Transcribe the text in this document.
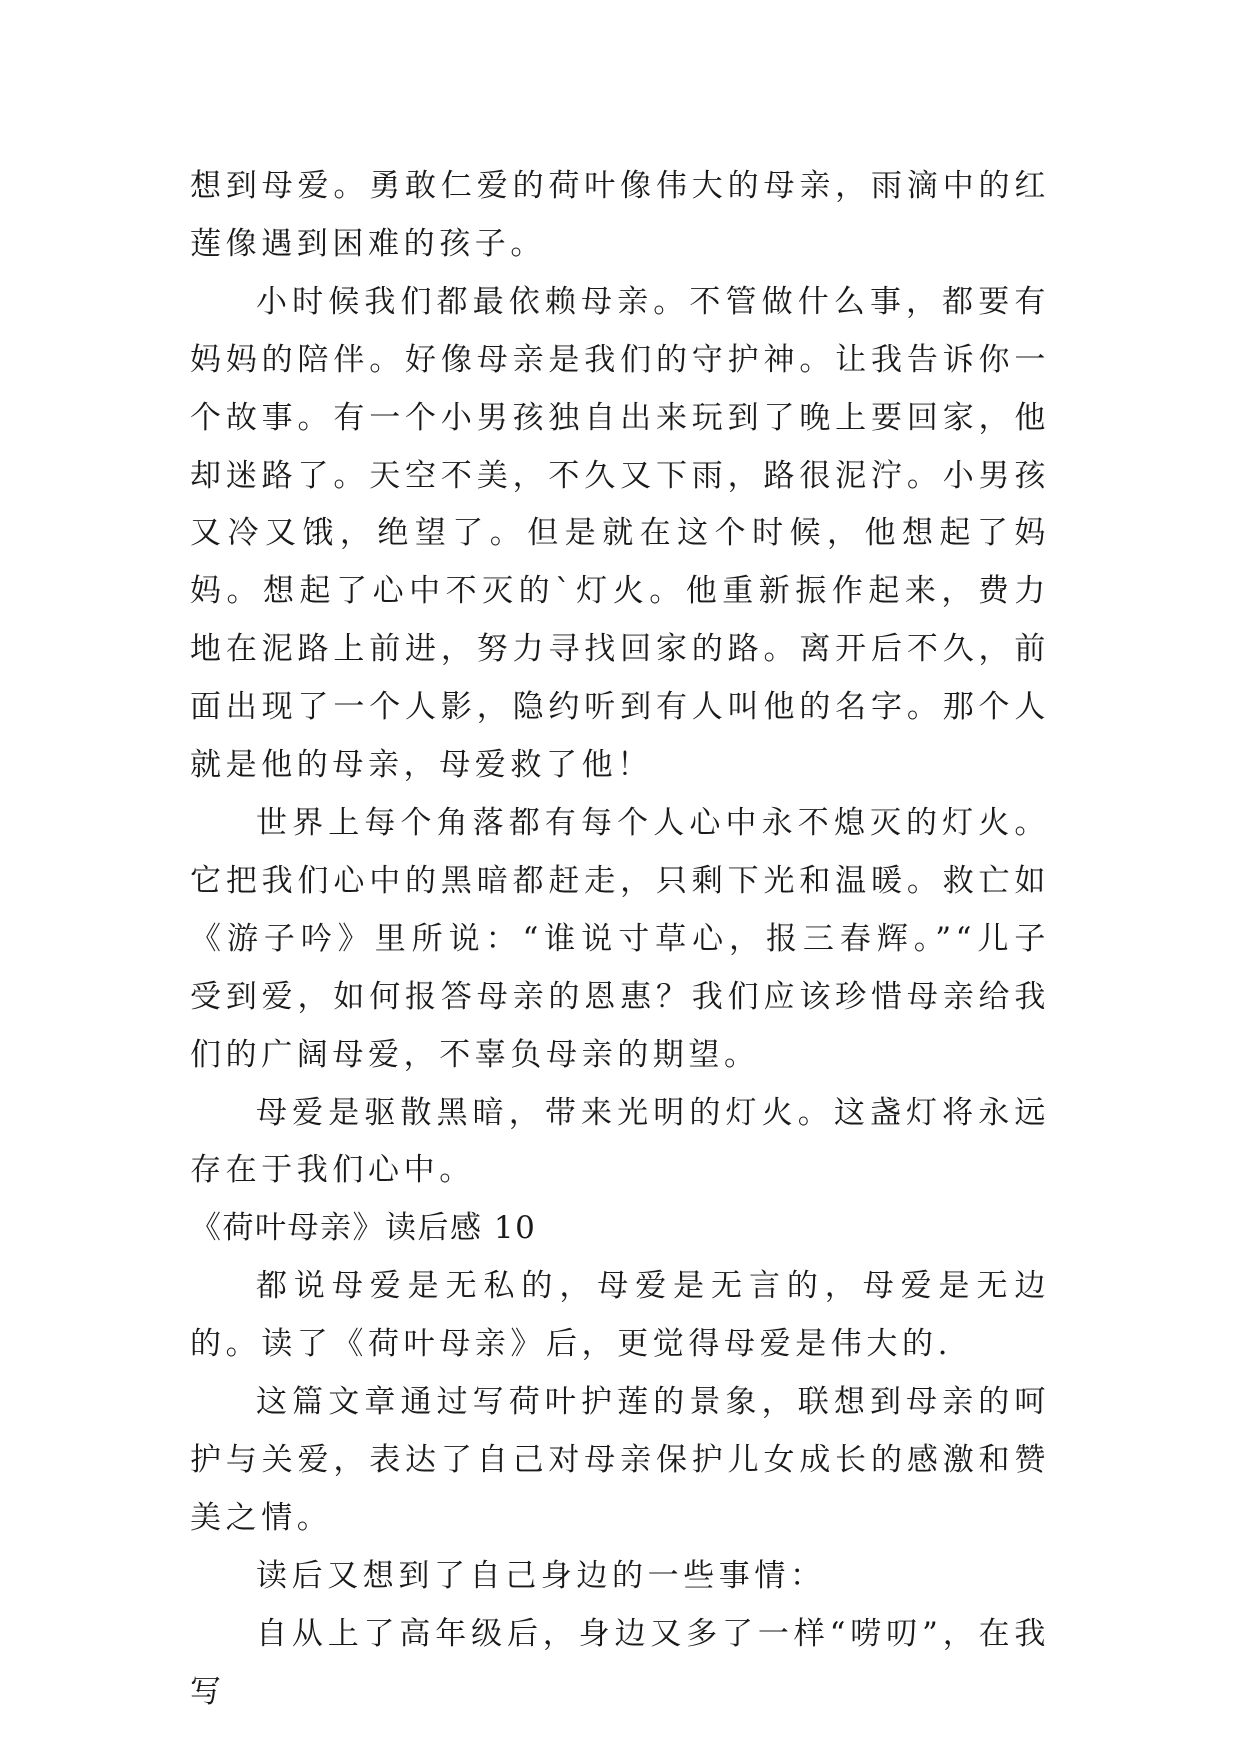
想到母爱。勇敢仁爱的荷叶像伟大的母亲，雨滴中的红莲像遇到困难的孩子。

小时候我们都最依赖母亲。不管做什么事，都要有妈妈的陪伴。好像母亲是我们的守护神。让我告诉你一个故事。有一个小男孩独自出来玩到了晚上要回家，他却迷路了。天空不美，不久又下雨，路很泥泞。小男孩又冷又饿，绝望了。但是就在这个时候，他想起了妈妈。想起了心中不灭的`灯火。他重新振作起来，费力地在泥路上前进，努力寻找回家的路。离开后不久，前面出现了一个人影，隐约听到有人叫他的名字。那个人就是他的母亲，母爱救了他！

世界上每个角落都有每个人心中永不熄灭的灯火。它把我们心中的黑暗都赶走，只剩下光和温暖。救亡如《游子吟》里所说：“谁说寸草心，报三春辉。”“儿子受到爱，如何报答母亲的恩惠？我们应该珍惜母亲给我们的广阔母爱，不辜负母亲的期望。

母爱是驱散黑暗，带来光明的灯火。这盏灯将永远存在于我们心中。

《荷叶母亲》读后感 10

都说母爱是无私的，母爱是无言的，母爱是无边的。读了《荷叶母亲》后，更觉得母爱是伟大的.

这篇文章通过写荷叶护莲的景象，联想到母亲的呵护与关爱，表达了自己对母亲保护儿女成长的感激和赞美之情。

读后又想到了自己身边的一些事情：

自从上了高年级后，身边又多了一样“唠叨”，在我写
